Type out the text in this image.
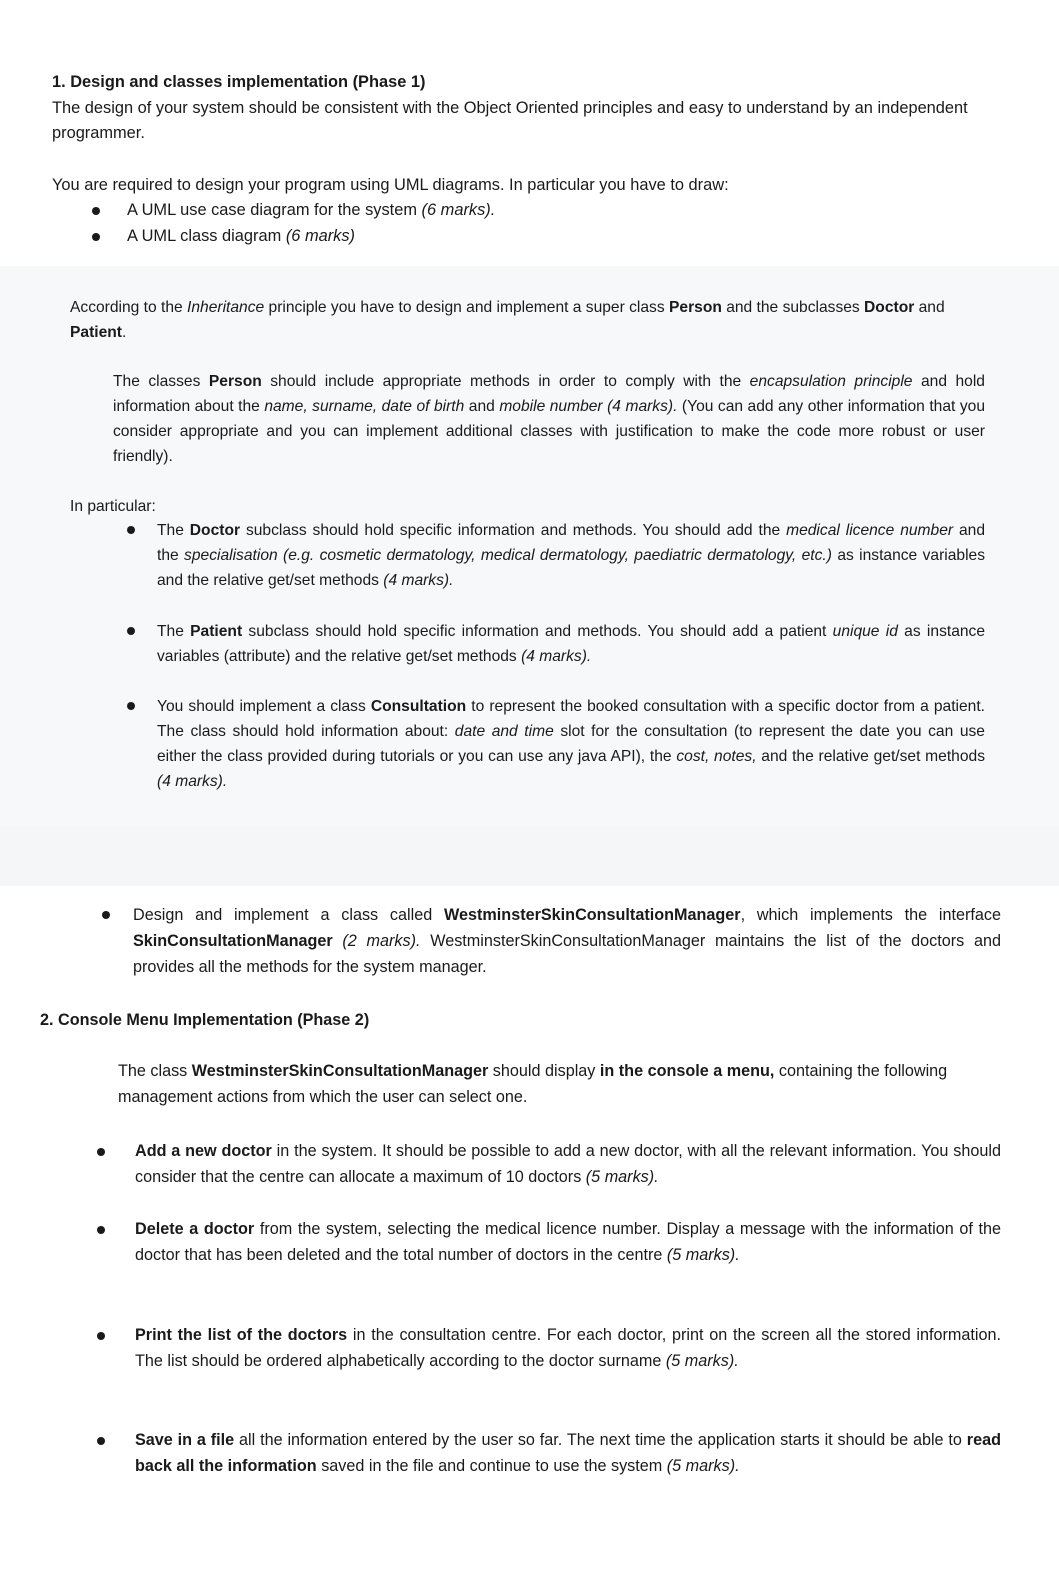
1. Design and classes implementation (Phase 1)
The design of your system should be consistent with the Object Oriented principles and easy to understand by an independent programmer.
You are required to design your program using UML diagrams. In particular you have to draw:
A UML use case diagram for the system (6 marks).
A UML class diagram (6 marks)
According to the Inheritance principle you have to design and implement a super class Person and the subclasses Doctor and Patient.
The classes Person should include appropriate methods in order to comply with the encapsulation principle and hold information about the name, surname, date of birth and mobile number (4 marks). (You can add any other information that you consider appropriate and you can implement additional classes with justification to make the code more robust or user friendly).
In particular:
The Doctor subclass should hold specific information and methods. You should add the medical licence number and the specialisation (e.g. cosmetic dermatology, medical dermatology, paediatric dermatology, etc.) as instance variables and the relative get/set methods (4 marks).
The Patient subclass should hold specific information and methods. You should add a patient unique id as instance variables (attribute) and the relative get/set methods (4 marks).
You should implement a class Consultation to represent the booked consultation with a specific doctor from a patient. The class should hold information about: date and time slot for the consultation (to represent the date you can use either the class provided during tutorials or you can use any java API), the cost, notes, and the relative get/set methods (4 marks).
Design and implement a class called WestminsterSkinConsultationManager, which implements the interface SkinConsultationManager (2 marks). WestminsterSkinConsultationManager maintains the list of the doctors and provides all the methods for the system manager.
2. Console Menu Implementation (Phase 2)
The class WestminsterSkinConsultationManager should display in the console a menu, containing the following management actions from which the user can select one.
Add a new doctor in the system. It should be possible to add a new doctor, with all the relevant information. You should consider that the centre can allocate a maximum of 10 doctors (5 marks).
Delete a doctor from the system, selecting the medical licence number. Display a message with the information of the doctor that has been deleted and the total number of doctors in the centre (5 marks).
Print the list of the doctors in the consultation centre. For each doctor, print on the screen all the stored information. The list should be ordered alphabetically according to the doctor surname (5 marks).
Save in a file all the information entered by the user so far. The next time the application starts it should be able to read back all the information saved in the file and continue to use the system (5 marks).
